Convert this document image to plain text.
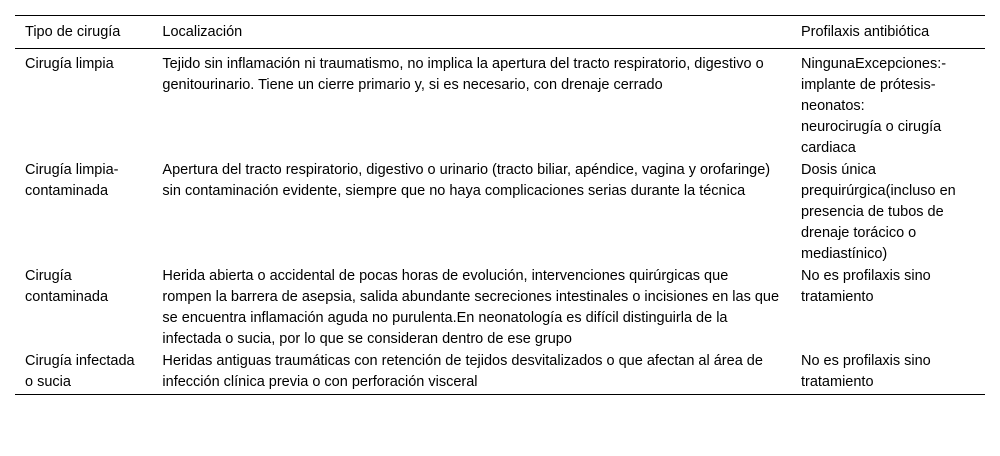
Tipo de cirugía	Localización	Profilaxis antibiótica
Cirugía limpia	Tejido sin inflamación ni traumatismo, no implica la apertura del tracto respiratorio, digestivo o genitourinario. Tiene un cierre primario y, si es necesario, con drenaje cerrado	NingunaExcepciones:- implante de prótesis- neonatos:
neurocirugía o cirugía cardiaca

Cirugía limpia-contaminada	Apertura del tracto respiratorio, digestivo o urinario (tracto biliar, apéndice, vagina y orofaringe) sin contaminación evidente, siempre que no haya complicaciones serias durante la técnica	Dosis única prequirúrgica(incluso en presencia de tubos de drenaje torácico o mediastínico)

Cirugía contaminada	Herida abierta o accidental de pocas horas de evolución, intervenciones quirúrgicas que rompen la barrera de asepsia, salida abundante secreciones intestinales o incisiones en las que se encuentra inflamación aguda no purulenta.En neonatología es difícil distinguirla de la infectada o sucia, por lo que se consideran dentro de ese grupo	No es profilaxis sino tratamiento

Cirugía infectada o sucia	Heridas antiguas traumáticas con retención de tejidos desvitalizados o que afectan al área de infección clínica previa o con perforación visceral	No es profilaxis sino tratamiento
